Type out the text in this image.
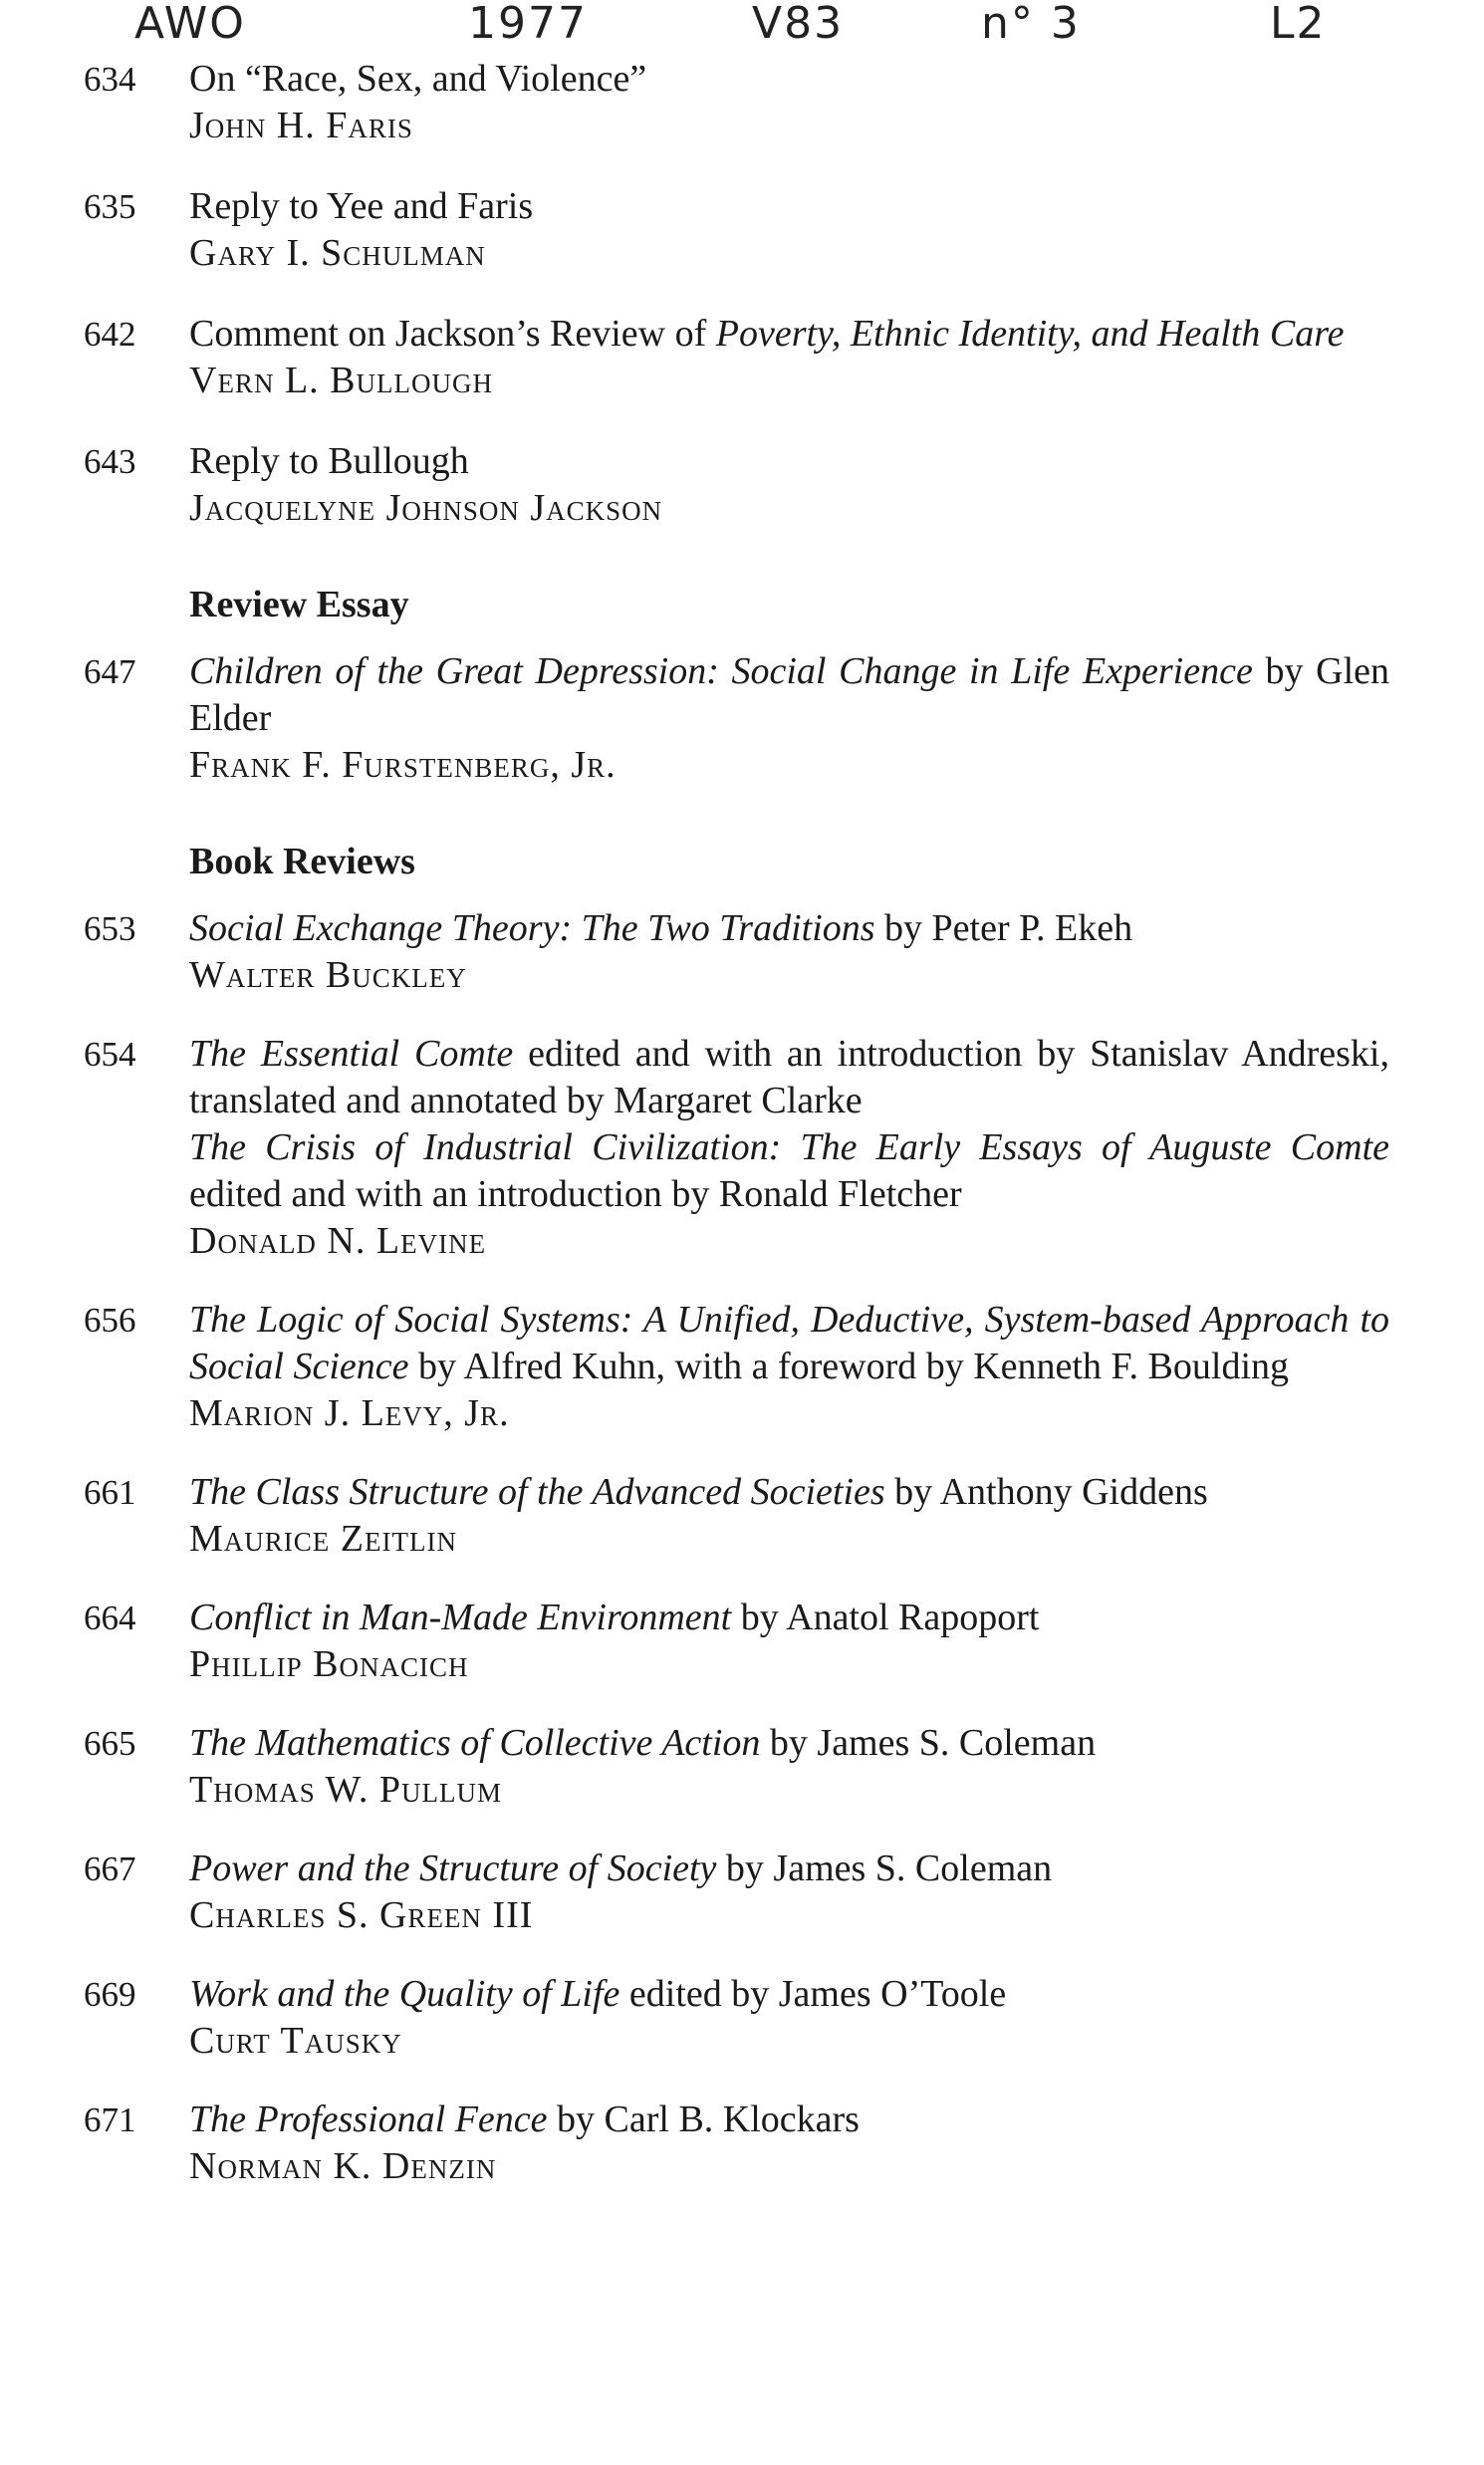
AWO	1977	V83	n° 3	L2
634	On “Race, Sex, and Violence”
John H. Faris
635	Reply to Yee and Faris
Gary I. Schulman
642	Comment on Jackson’s Review of Poverty, Ethnic Identity, and Health Care
Vern L. Bullough
643	Reply to Bullough
Jacquelyne Johnson Jackson
Review Essay
647	Children of the Great Depression: Social Change in Life Experience by Glen Elder
Frank F. Furstenberg, Jr.
Book Reviews
653	Social Exchange Theory: The Two Traditions by Peter P. Ekeh
Walter Buckley
654	The Essential Comte edited and with an introduction by Stanislav Andreski, translated and annotated by Margaret Clarke
The Crisis of Industrial Civilization: The Early Essays of Auguste Comte edited and with an introduction by Ronald Fletcher
Donald N. Levine
656	The Logic of Social Systems: A Unified, Deductive, System-based Approach to Social Science by Alfred Kuhn, with a foreword by Kenneth F. Boulding
Marion J. Levy, Jr.
661	The Class Structure of the Advanced Societies by Anthony Giddens
Maurice Zeitlin
664	Conflict in Man-Made Environment by Anatol Rapoport
Phillip Bonacich
665	The Mathematics of Collective Action by James S. Coleman
Thomas W. Pullum
667	Power and the Structure of Society by James S. Coleman
Charles S. Green III
669	Work and the Quality of Life edited by James O’Toole
Curt Tausky
671	The Professional Fence by Carl B. Klockars
Norman K. Denzin
